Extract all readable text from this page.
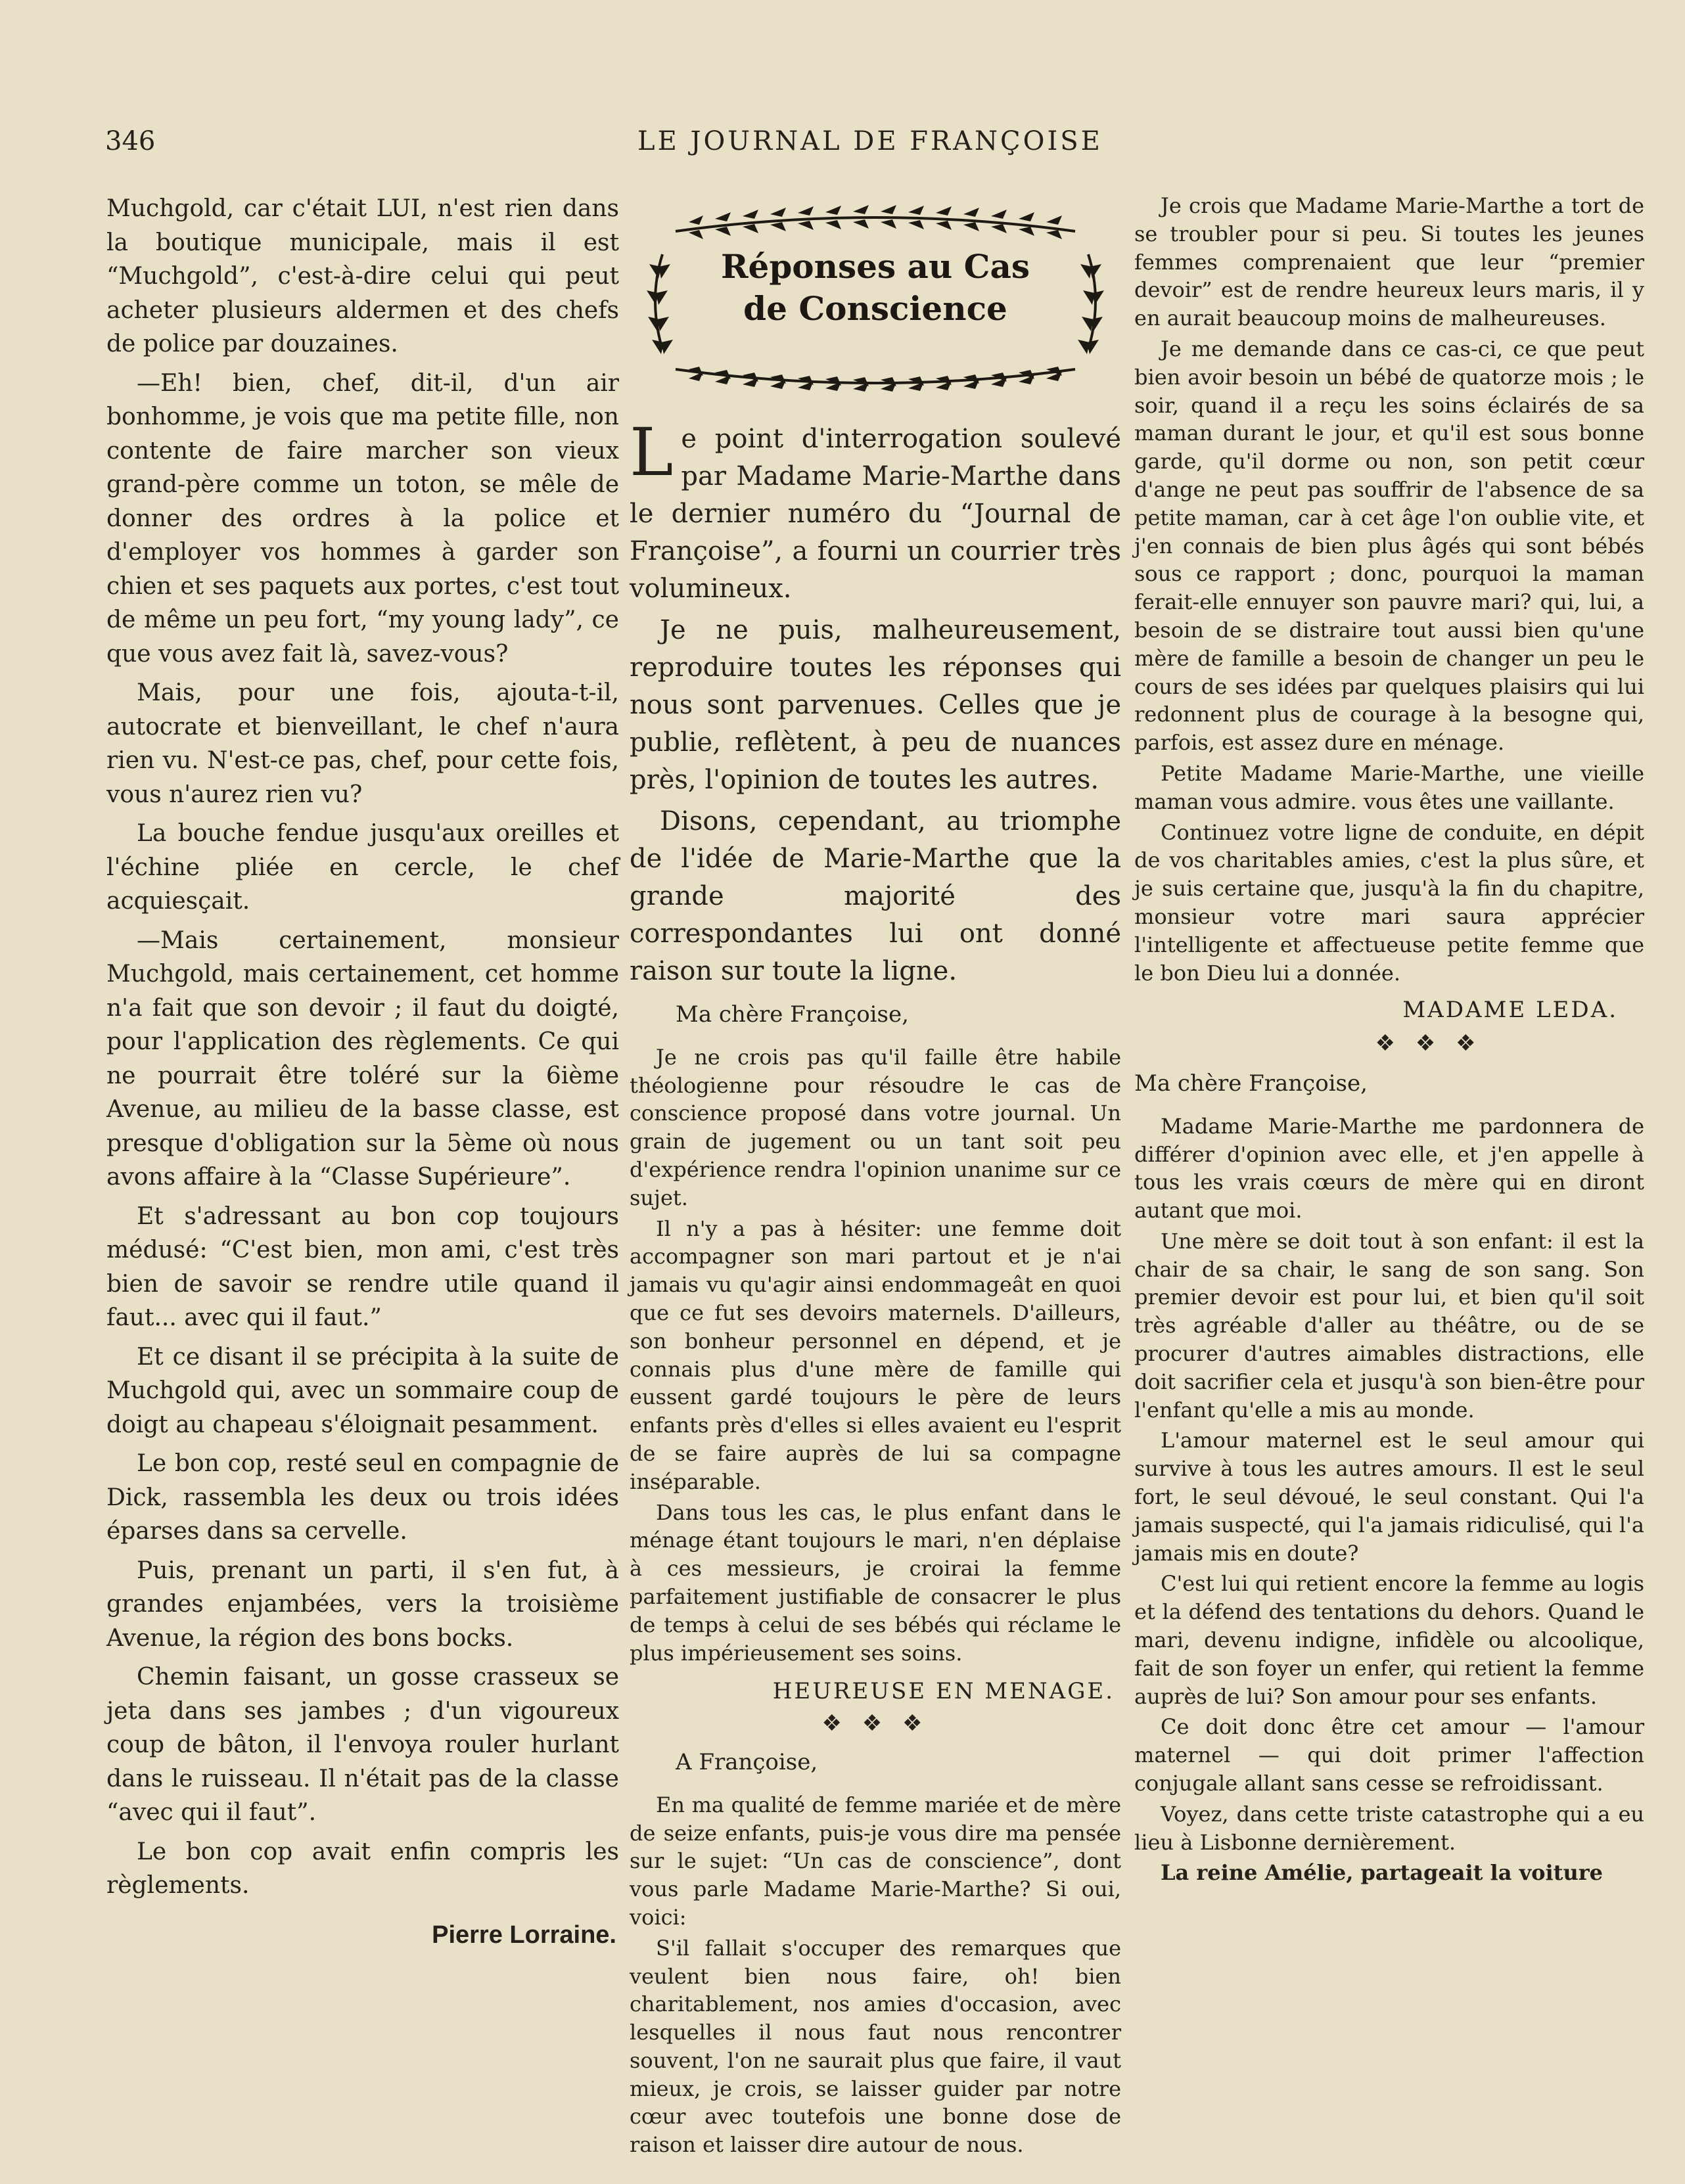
346	LE JOURNAL DE FRANÇOISE

Muchgold, car c'était LUI, n'est rien dans la boutique municipale, mais il est “Muchgold”, c'est-à-dire celui qui peut acheter plusieurs aldermen et des chefs de police par douzaines.

—Eh! bien, chef, dit-il, d'un air bonhomme, je vois que ma petite fille, non contente de faire marcher son vieux grand-père comme un toton, se mêle de donner des ordres à la police et d'employer vos hommes à garder son chien et ses paquets aux portes, c'est tout de même un peu fort, “my young lady”, ce que vous avez fait là, savez-vous?

Mais, pour une fois, ajouta-t-il, autocrate et bienveillant, le chef n'aura rien vu. N'est-ce pas, chef, pour cette fois, vous n'aurez rien vu?

La bouche fendue jusqu'aux oreilles et l'échine pliée en cercle, le chef acquiesçait.

—Mais certainement, monsieur Muchgold, mais certainement, cet homme n'a fait que son devoir ; il faut du doigté, pour l'application des règlements. Ce qui ne pourrait être toléré sur la 6ième Avenue, au milieu de la basse classe, est presque d'obligation sur la 5ème où nous avons affaire à la “Classe Supérieure”.

Et s'adressant au bon cop toujours médusé: “C'est bien, mon ami, c'est très bien de savoir se rendre utile quand il faut... avec qui il faut.”

Et ce disant il se précipita à la suite de Muchgold qui, avec un sommaire coup de doigt au chapeau s'éloignait pesamment.

Le bon cop, resté seul en compagnie de Dick, rassembla les deux ou trois idées éparses dans sa cervelle.

Puis, prenant un parti, il s'en fut, à grandes enjambées, vers la troisième Avenue, la région des bons bocks.

Chemin faisant, un gosse crasseux se jeta dans ses jambes ; d'un vigoureux coup de bâton, il l'envoya rouler hurlant dans le ruisseau. Il n'était pas de la classe “avec qui il faut”.

Le bon cop avait enfin compris les règlements.

Pierre Lorraine.
Réponses au Cas de Conscience

Le point d'interrogation soulevé par Madame Marie-Marthe dans le dernier numéro du “Journal de Françoise”, a fourni un courrier très volumineux.

Je ne puis, malheureusement, reproduire toutes les réponses qui nous sont parvenues. Celles que je publie, reflètent, à peu de nuances près, l'opinion de toutes les autres.

Disons, cependant, au triomphe de l'idée de Marie-Marthe que la grande majorité des correspondantes lui ont donné raison sur toute la ligne.

Ma chère Françoise,

Je ne crois pas qu'il faille être habile théologienne pour résoudre le cas de conscience proposé dans votre journal. Un grain de jugement ou un tant soit peu d'expérience rendra l'opinion unanime sur ce sujet.

Il n'y a pas à hésiter: une femme doit accompagner son mari partout et je n'ai jamais vu qu'agir ainsi endommageât en quoi que ce fut ses devoirs maternels. D'ailleurs, son bonheur personnel en dépend, et je connais plus d'une mère de famille qui eussent gardé toujours le père de leurs enfants près d'elles si elles avaient eu l'esprit de se faire auprès de lui sa compagne inséparable.

Dans tous les cas, le plus enfant dans le ménage étant toujours le mari, n'en déplaise à ces messieurs, je croirai la femme parfaitement justifiable de consacrer le plus de temps à celui de ses bébés qui réclame le plus impérieusement ses soins.

HEUREUSE EN MENAGE.
❖ ❖ ❖

A Françoise,

En ma qualité de femme mariée et de mère de seize enfants, puis-je vous dire ma pensée sur le sujet: “Un cas de conscience”, dont vous parle Madame Marie-Marthe? Si oui, voici:

S'il fallait s'occuper des remarques que veulent bien nous faire, oh! bien charitablement, nos amies d'occasion, avec lesquelles il nous faut nous rencontrer souvent, l'on ne saurait plus que faire, il vaut mieux, je crois, se laisser guider par notre cœur avec toutefois une bonne dose de raison et laisser dire autour de nous.

Je crois que Madame Marie-Marthe a tort de se troubler pour si peu. Si toutes les jeunes femmes comprenaient que leur “premier devoir” est de rendre heureux leurs maris, il y en aurait beaucoup moins de malheureuses.

Je me demande dans ce cas-ci, ce que peut bien avoir besoin un bébé de quatorze mois ; le soir, quand il a reçu les soins éclairés de sa maman durant le jour, et qu'il est sous bonne garde, qu'il dorme ou non, son petit cœur d'ange ne peut pas souffrir de l'absence de sa petite maman, car à cet âge l'on oublie vite, et j'en connais de bien plus âgés qui sont bébés sous ce rapport ; donc, pourquoi la maman ferait-elle ennuyer son pauvre mari? qui, lui, a besoin de se distraire tout aussi bien qu'une mère de famille a besoin de changer un peu le cours de ses idées par quelques plaisirs qui lui redonnent plus de courage à la besogne qui, parfois, est assez dure en ménage.

Petite Madame Marie-Marthe, une vieille maman vous admire. vous êtes une vaillante.

Continuez votre ligne de conduite, en dépit de vos charitables amies, c'est la plus sûre, et je suis certaine que, jusqu'à la fin du chapitre, monsieur votre mari saura apprécier l'intelligente et affectueuse petite femme que le bon Dieu lui a donnée.

MADAME LEDA.
❖ ❖ ❖

Ma chère Françoise,

Madame Marie-Marthe me pardonnera de différer d'opinion avec elle, et j'en appelle à tous les vrais cœurs de mère qui en diront autant que moi.

Une mère se doit tout à son enfant: il est la chair de sa chair, le sang de son sang. Son premier devoir est pour lui, et bien qu'il soit très agréable d'aller au théâtre, ou de se procurer d'autres aimables distractions, elle doit sacrifier cela et jusqu'à son bien-être pour l'enfant qu'elle a mis au monde.

L'amour maternel est le seul amour qui survive à tous les autres amours. Il est le seul fort, le seul dévoué, le seul constant. Qui l'a jamais suspecté, qui l'a jamais ridiculisé, qui l'a jamais mis en doute?

C'est lui qui retient encore la femme au logis et la défend des tentations du dehors. Quand le mari, devenu indigne, infidèle ou alcoolique, fait de son foyer un enfer, qui retient la femme auprès de lui? Son amour pour ses enfants.

Ce doit donc être cet amour — l'amour maternel — qui doit primer l'affection conjugale allant sans cesse se refroidissant.

Voyez, dans cette triste catastrophe qui a eu lieu à Lisbonne dernièrement.

La reine Amélie, partageait la voiture
